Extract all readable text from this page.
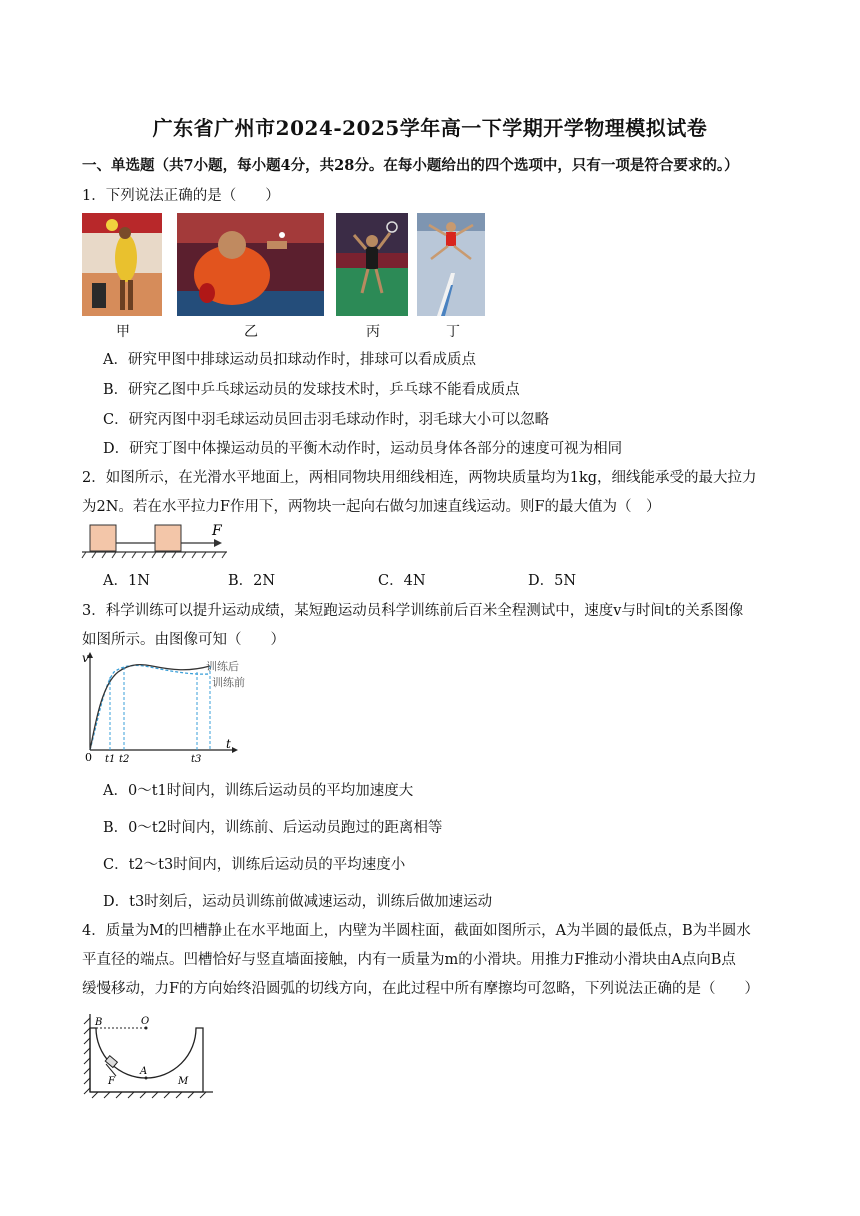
广东省广州市2024-2025学年高一下学期开学物理模拟试卷
一、单选题（共7小题，每小题4分，共28分。在每小题给出的四个选项中，只有一项是符合要求的。）
1．下列说法正确的是（　　）
甲	乙	丙	丁
A．研究甲图中排球运动员扣球动作时，排球可以看成质点
B．研究乙图中乒乓球运动员的发球技术时，乒乓球不能看成质点
C．研究丙图中羽毛球运动员回击羽毛球动作时，羽毛球大小可以忽略
D．研究丁图中体操运动员的平衡木动作时，运动员身体各部分的速度可视为相同
2．如图所示，在光滑水平地面上，两相同物块用细线相连，两物块质量均为1kg，细线能承受的最大拉力
为2N。若在水平拉力F作用下，两物块一起向右做匀加速直线运动。则F的最大值为（　）
F
A．1N	B．2N	C．4N	D．5N
3．科学训练可以提升运动成绩，某短跑运动员科学训练前后百米全程测试中，速度v与时间t的关系图像
如图所示。由图像可知（　　）
v
t
0 t1 t2	t3
训练后
训练前
A．0～t1时间内，训练后运动员的平均加速度大
B．0～t2时间内，训练前、后运动员跑过的距离相等
C．t2～t3时间内，训练后运动员的平均速度小
D．t3时刻后，运动员训练前做减速运动，训练后做加速运动
4．质量为M的凹槽静止在水平地面上，内壁为半圆柱面，截面如图所示，A为半圆的最低点，B为半圆水
平直径的端点。凹槽恰好与竖直墙面接触，内有一质量为m的小滑块。用推力F推动小滑块由A点向B点
缓慢移动，力F的方向始终沿圆弧的切线方向，在此过程中所有摩擦均可忽略，下列说法正确的是（　　）
B	O
A
F	M
